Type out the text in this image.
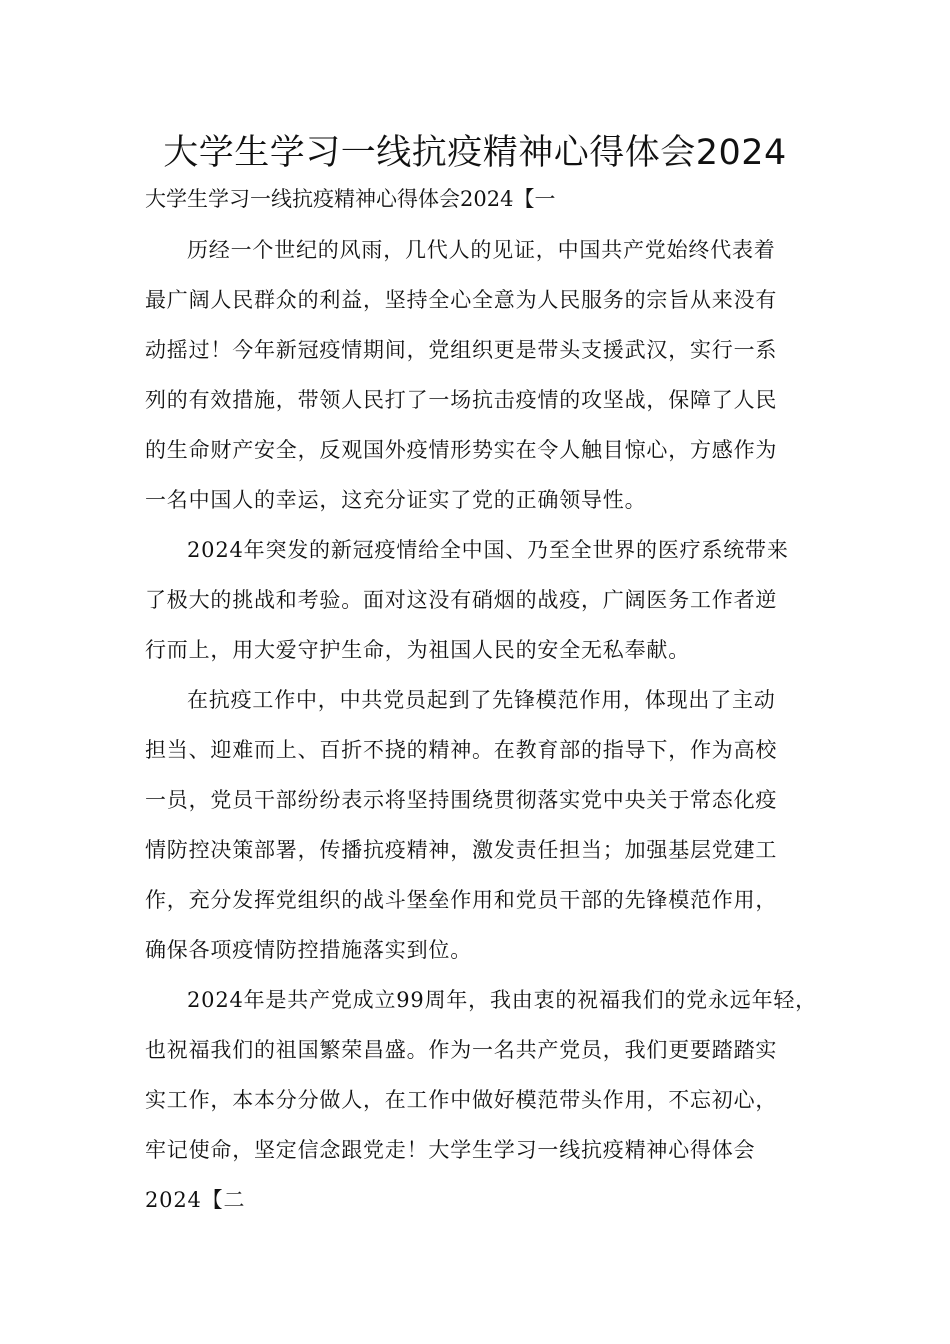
大学生学习一线抗疫精神心得体会2024
大学生学习一线抗疫精神心得体会2024【一
历经一个世纪的风雨，几代人的见证，中国共产党始终代表着
最广阔人民群众的利益，坚持全心全意为人民服务的宗旨从来没有
动摇过！今年新冠疫情期间，党组织更是带头支援武汉，实行一系
列的有效措施，带领人民打了一场抗击疫情的攻坚战，保障了人民
的生命财产安全，反观国外疫情形势实在令人触目惊心，方感作为
一名中国人的幸运，这充分证实了党的正确领导性。
2024年突发的新冠疫情给全中国、乃至全世界的医疗系统带来
了极大的挑战和考验。面对这没有硝烟的战疫，广阔医务工作者逆
行而上，用大爱守护生命，为祖国人民的安全无私奉献。
在抗疫工作中，中共党员起到了先锋模范作用，体现出了主动
担当、迎难而上、百折不挠的精神。在教育部的指导下，作为高校
一员，党员干部纷纷表示将坚持围绕贯彻落实党中央关于常态化疫
情防控决策部署，传播抗疫精神，激发责任担当；加强基层党建工
作，充分发挥党组织的战斗堡垒作用和党员干部的先锋模范作用，
确保各项疫情防控措施落实到位。
2024年是共产党成立99周年，我由衷的祝福我们的党永远年轻，
也祝福我们的祖国繁荣昌盛。作为一名共产党员，我们更要踏踏实
实工作，本本分分做人，在工作中做好模范带头作用，不忘初心，
牢记使命，坚定信念跟党走！大学生学习一线抗疫精神心得体会
2024【二
